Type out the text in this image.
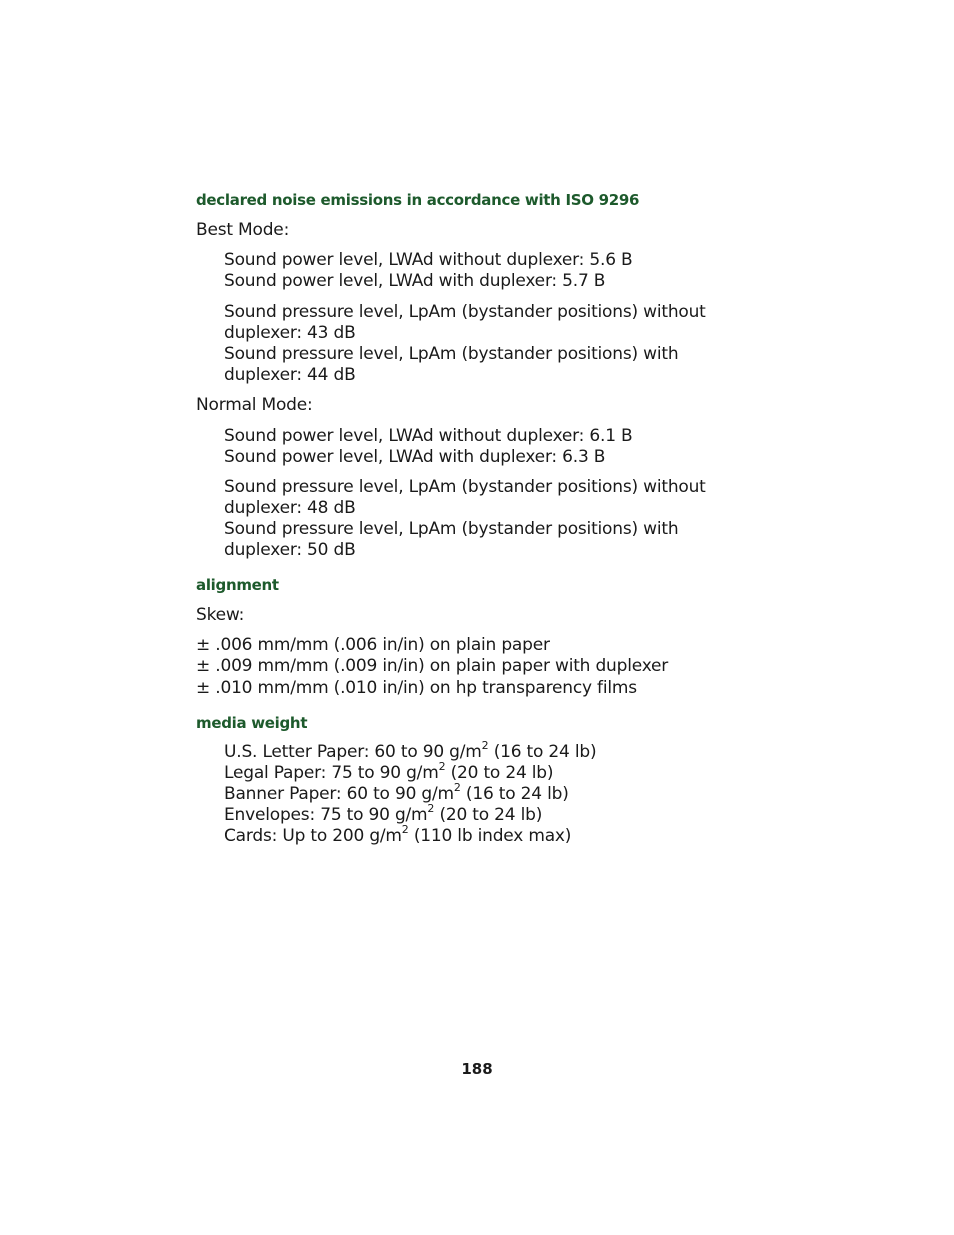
declared noise emissions in accordance with ISO 9296
Best Mode:
Sound power level, LWAd without duplexer: 5.6 B
Sound power level, LWAd with duplexer: 5.7 B
Sound pressure level, LpAm (bystander positions) without
duplexer: 43 dB
Sound pressure level, LpAm (bystander positions) with
duplexer: 44 dB
Normal Mode:
Sound power level, LWAd without duplexer: 6.1 B
Sound power level, LWAd with duplexer: 6.3 B
Sound pressure level, LpAm (bystander positions) without
duplexer: 48 dB
Sound pressure level, LpAm (bystander positions) with
duplexer: 50 dB
alignment
Skew:
± .006 mm/mm (.006 in/in) on plain paper
± .009 mm/mm (.009 in/in) on plain paper with duplexer
± .010 mm/mm (.010 in/in) on hp transparency films
media weight
U.S. Letter Paper: 60 to 90 $g/m^2$ (16 to 24 lb)
Legal Paper: 75 to 90 $g/m^2$ (20 to 24 lb)
Banner Paper: 60 to 90 $g/m^2$ (16 to 24 lb)
Envelopes: 75 to 90 $g/m^2$ (20 to 24 lb)
Cards: Up to 200 $g/m^2$ (110 lb index max)
188
